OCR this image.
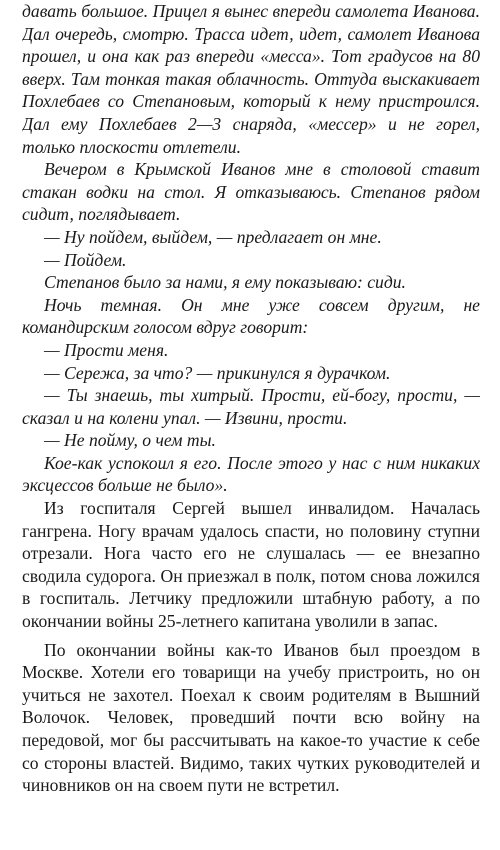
давать большое. Прицел я вынес впереди самолета Иванова. Дал очередь, смотрю. Трасса идет, идет, самолет Иванова прошел, и она как раз впереди «месса». Тот градусов на 80 вверх. Там тонкая такая облачность. Оттуда выскакивает Похлебаев со Степановым, который к нему пристроился. Дал ему Похлебаев 2—3 снаряда, «мессер» и не горел, только плоскости отлетели.

Вечером в Крымской Иванов мне в столовой ставит стакан водки на стол. Я отказываюсь. Степанов рядом сидит, поглядывает.

— Ну пойдем, выйдем, — предлагает он мне.

— Пойдем.

Степанов было за нами, я ему показываю: сиди.

Ночь темная. Он мне уже совсем другим, не командирским голосом вдруг говорит:

— Прости меня.

— Сережа, за что? — прикинулся я дурачком.

— Ты знаешь, ты хитрый. Прости, ей-богу, прости, — сказал и на колени упал. — Извини, прости.

— Не пойму, о чем ты.

Кое-как успокоил я его. После этого у нас с ним никаких эксцессов больше не было».

Из госпиталя Сергей вышел инвалидом. Началась гангрена. Ногу врачам удалось спасти, но половину ступни отрезали. Нога часто его не слушалась — ее внезапно сводила судорога. Он приезжал в полк, потом снова ложился в госпиталь. Летчику предложили штабную работу, а по окончании войны 25-летнего капитана уволили в запас.

По окончании войны как-то Иванов был проездом в Москве. Хотели его товарищи на учебу пристроить, но он учиться не захотел. Поехал к своим родителям в Вышний Волочок. Человек, проведший почти всю войну на передовой, мог бы рассчитывать на какое-то участие к себе со стороны властей. Видимо, таких чутких руководителей и чиновников он на своем пути не встретил.
